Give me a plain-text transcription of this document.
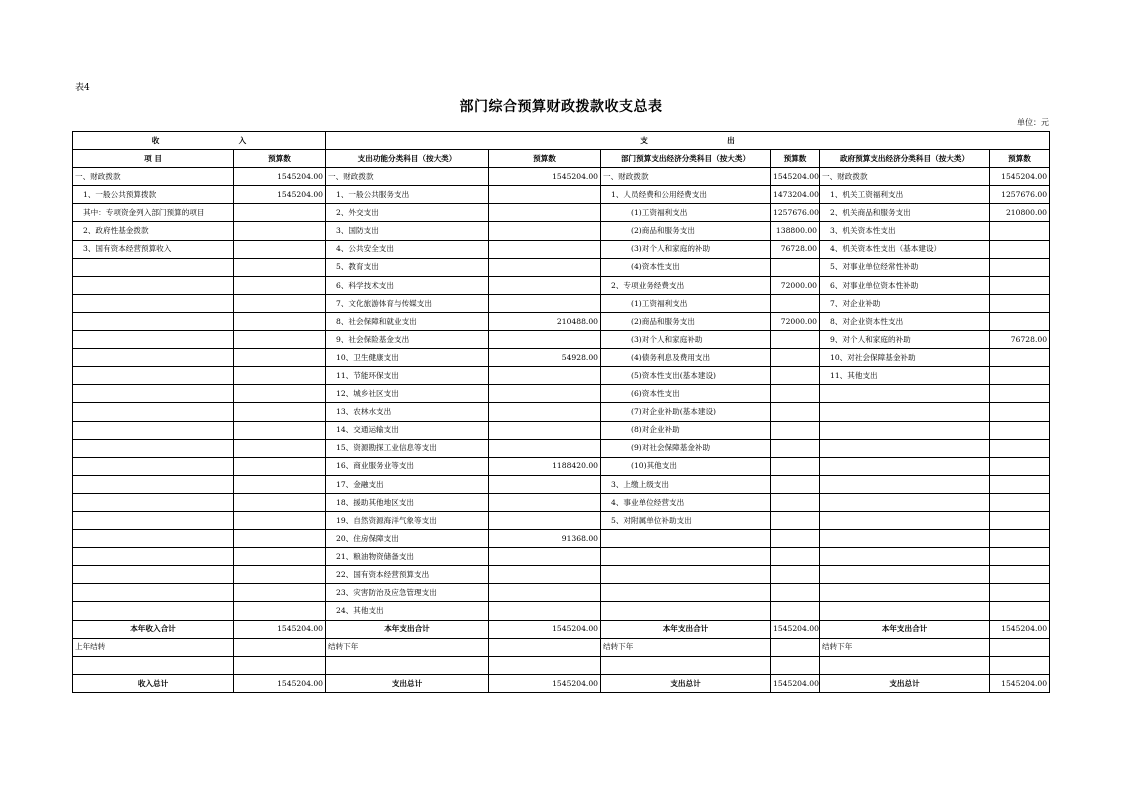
表4
部门综合预算财政拨款收支总表
单位：元
收                              入		支                              出					
项 目	预算数	支出功能分类科目（按大类）	预算数	部门预算支出经济分类科目（按大类）	预算数	政府预算支出经济分类科目（按大类）	预算数
一、财政拨款	1545204.00	一、财政拨款	1545204.00	一、财政拨款	1545204.00	一、财政拨款	1545204.00
1、一般公共预算拨款	1545204.00	1、一般公共服务支出		1、人员经费和公用经费支出	1473204.00	1、机关工资福利支出	1257676.00
其中：专项资金列入部门预算的项目		2、外交支出		(1)工资福利支出	1257676.00	2、机关商品和服务支出	210800.00
2、政府性基金拨款		3、国防支出		(2)商品和服务支出	138800.00	3、机关资本性支出	
3、国有资本经营预算收入		4、公共安全支出		(3)对个人和家庭的补助	76728.00	4、机关资本性支出（基本建设）	
		5、教育支出		(4)资本性支出		5、对事业单位经常性补助	
		6、科学技术支出		2、专项业务经费支出	72000.00	6、对事业单位资本性补助	
		7、文化旅游体育与传媒支出		(1)工资福利支出		7、对企业补助	
		8、社会保障和就业支出	210488.00	(2)商品和服务支出	72000.00	8、对企业资本性支出	
		9、社会保险基金支出		(3)对个人和家庭补助		9、对个人和家庭的补助	76728.00
		10、卫生健康支出	54928.00	(4)债务利息及费用支出		10、对社会保障基金补助	
		11、节能环保支出		(5)资本性支出(基本建设)		11、其他支出	
		12、城乡社区支出		(6)资本性支出			
		13、农林水支出		(7)对企业补助(基本建设)			
		14、交通运输支出		(8)对企业补助			
		15、资源勘探工业信息等支出		(9)对社会保障基金补助			
		16、商业服务业等支出	1188420.00	(10)其他支出			
		17、金融支出		3、上缴上级支出			
		18、援助其他地区支出		4、事业单位经营支出			
		19、自然资源海洋气象等支出		5、对附属单位补助支出			
		20、住房保障支出	91368.00				
		21、粮油物资储备支出					
		22、国有资本经营预算支出					
		23、灾害防治及应急管理支出					
		24、其他支出					
本年收入合计	1545204.00	本年支出合计	1545204.00	本年支出合计	1545204.00	本年支出合计	1545204.00
上年结转		结转下年		结转下年		结转下年	

收入总计	1545204.00	支出总计	1545204.00	支出总计	1545204.00	支出总计	1545204.00
